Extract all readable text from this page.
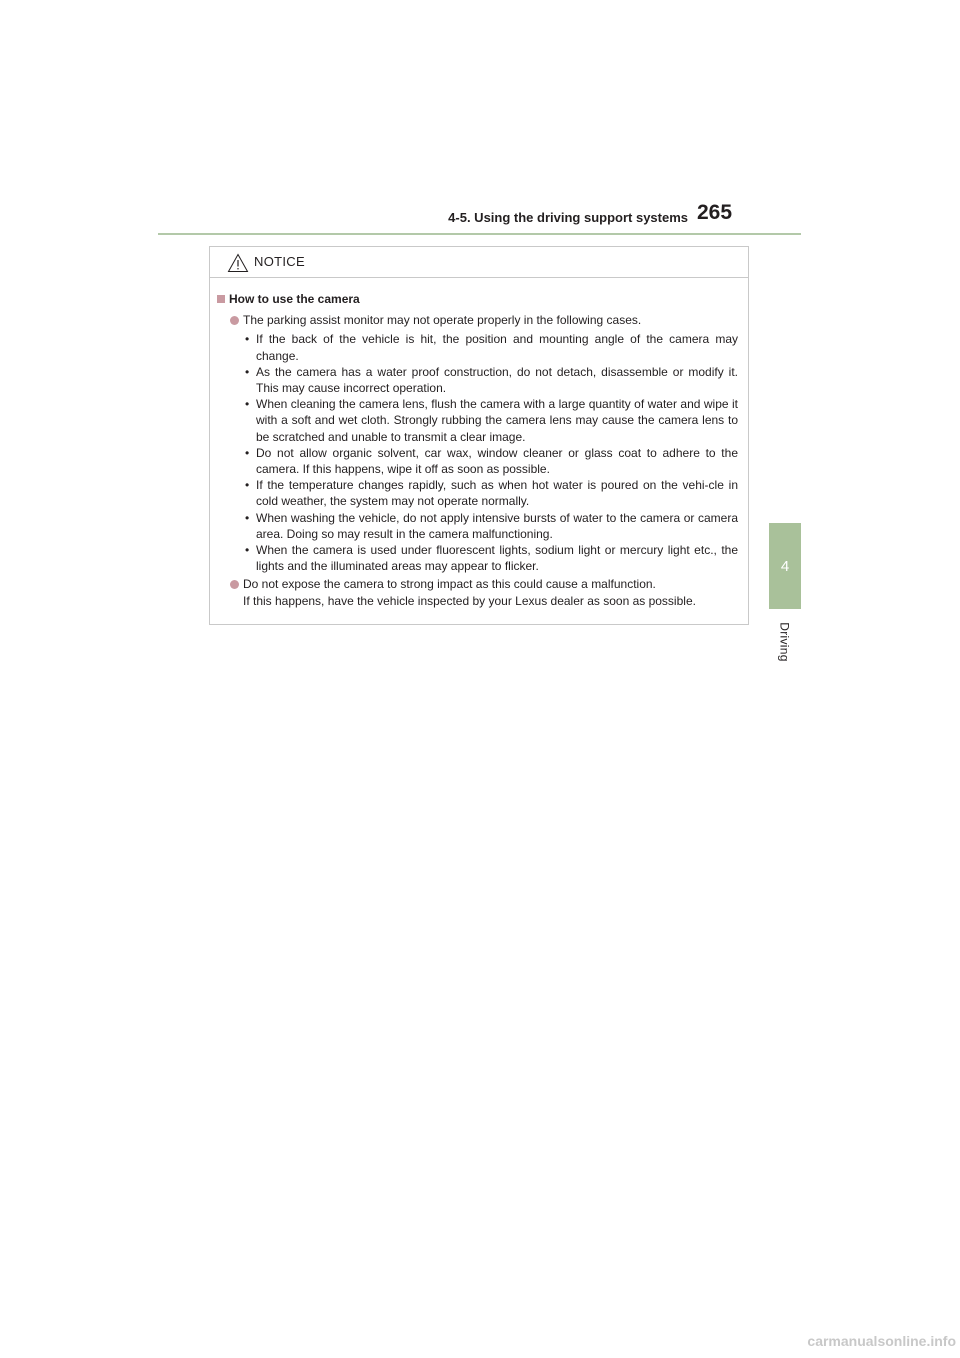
4-5. Using the driving support systems 265
4
Driving
NOTICE
How to use the camera
The parking assist monitor may not operate properly in the following cases.
• If the back of the vehicle is hit, the position and mounting angle of the camera may change.
• As the camera has a water proof construction, do not detach, disassemble or modify it. This may cause incorrect operation.
• When cleaning the camera lens, flush the camera with a large quantity of water and wipe it with a soft and wet cloth. Strongly rubbing the camera lens may cause the camera lens to be scratched and unable to transmit a clear image.
• Do not allow organic solvent, car wax, window cleaner or glass coat to adhere to the camera. If this happens, wipe it off as soon as possible.
• If the temperature changes rapidly, such as when hot water is poured on the vehi-cle in cold weather, the system may not operate normally.
• When washing the vehicle, do not apply intensive bursts of water to the camera or camera area. Doing so may result in the camera malfunctioning.
• When the camera is used under fluorescent lights, sodium light or mercury light etc., the lights and the illuminated areas may appear to flicker.
Do not expose the camera to strong impact as this could cause a malfunction.
If this happens, have the vehicle inspected by your Lexus dealer as soon as possible.
carmanualsonline.info
